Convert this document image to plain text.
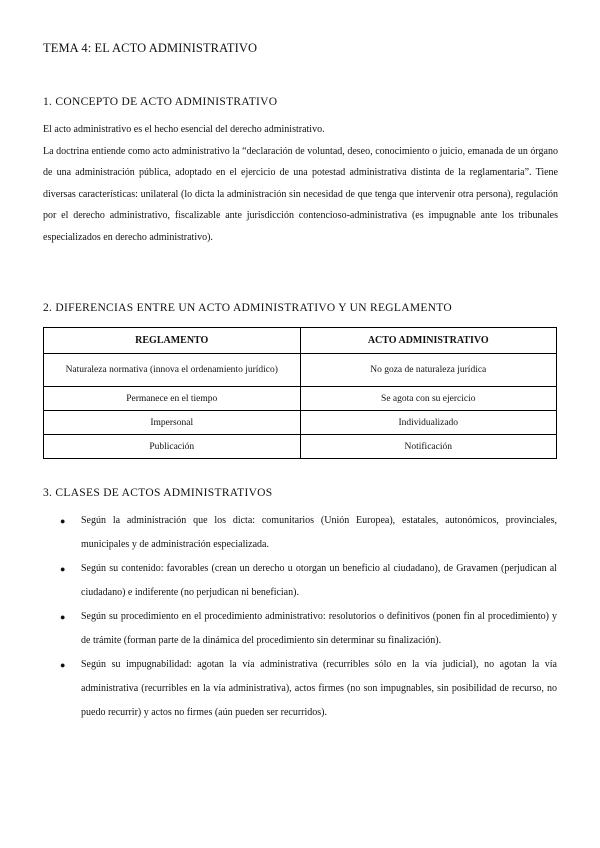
TEMA 4: EL ACTO ADMINISTRATIVO
1. CONCEPTO DE ACTO ADMINISTRATIVO

El acto administrativo es el hecho esencial del derecho administrativo.

La doctrina entiende como acto administrativo la “declaración de voluntad, deseo, conocimiento o juicio, emanada de un órgano de una administración pública, adoptado en el ejercicio de una potestad administrativa distinta de la reglamentaria”. Tiene diversas características: unilateral (lo dicta la administración sin necesidad de que tenga que intervenir otra persona), regulación por el derecho administrativo, fiscalizable ante jurisdicción contencioso-administrativa (es impugnable ante los tribunales especializados en derecho administrativo).

2. DIFERENCIAS ENTRE UN ACTO ADMINISTRATIVO Y UN REGLAMENTO
REGLAMENTO	ACTO ADMINISTRATIVO
Naturaleza normativa (innova el ordenamiento jurídico)	No goza de naturaleza jurídica
Permanece en el tiempo	Se agota con su ejercicio
Impersonal	Individualizado
Publicación	Notificación
3. CLASES DE ACTOS ADMINISTRATIVOS
● Según la administración que los dicta: comunitarios (Unión Europea), estatales, autonómicos, provinciales, municipales y de administración especializada.
● Según su contenido: favorables (crean un derecho u otorgan un beneficio al ciudadano), de Gravamen (perjudican al ciudadano) e indiferente (no perjudican ni benefician).
● Según su procedimiento en el procedimiento administrativo: resolutorios o definitivos (ponen fin al procedimiento) y de trámite (forman parte de la dinámica del procedimiento sin determinar su finalización).
● Según su impugnabilidad: agotan la vía administrativa (recurribles sólo en la vía judicial), no agotan la vía administrativa (recurribles en la vía administrativa), actos firmes (no son impugnables, sin posibilidad de recurso, no puedo recurrir) y actos no firmes (aún pueden ser recurridos).
